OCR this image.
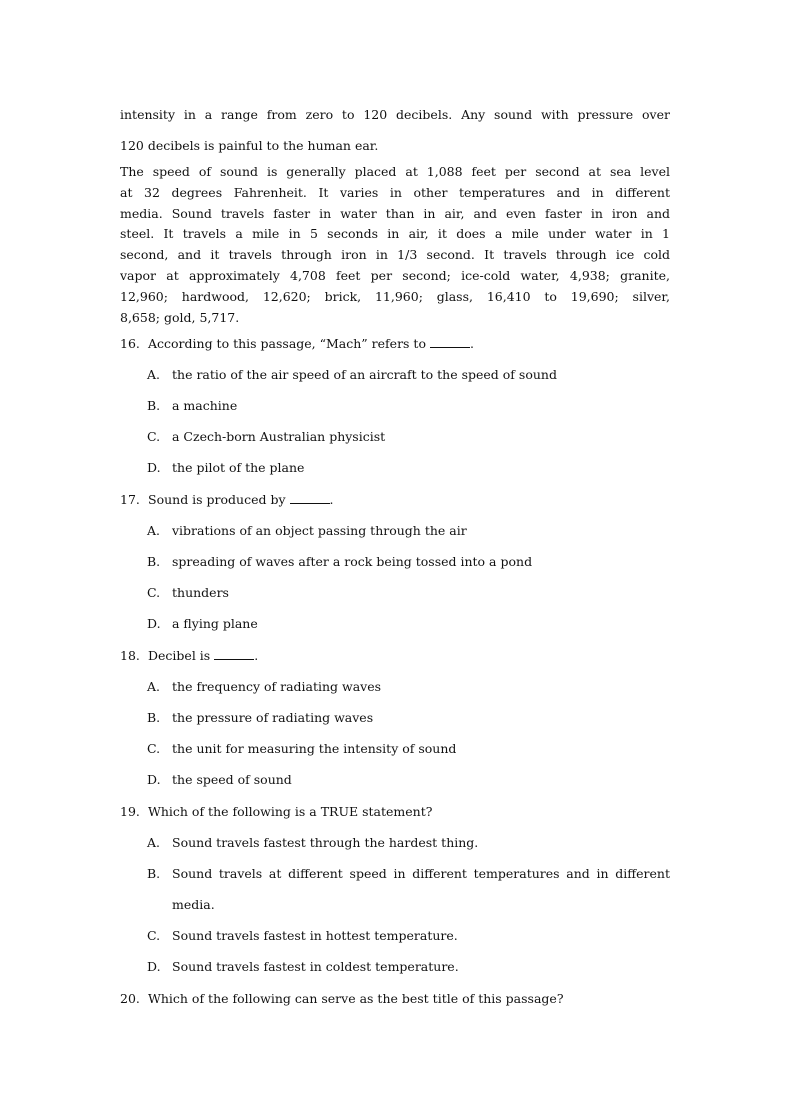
intensity in a range from zero to 120 decibels. Any sound with pressure over
120 decibels is painful to the human ear.
The speed of sound is generally placed at 1,088 feet per second at sea level
at 32 degrees Fahrenheit. It varies in other temperatures and in different
media. Sound travels faster in water than in air, and even faster in iron and
steel. It travels a mile in 5 seconds in air, it does a mile under water in 1
second, and it travels through iron in 1/3 second. It travels through ice cold
vapor at approximately 4,708 feet per second; ice-cold water, 4,938; granite,
12,960; hardwood, 12,620; brick, 11,960; glass, 16,410 to 19,690; silver,
8,658; gold, 5,717.
16. According to this passage, “Mach” refers to	.
A. the ratio of the air speed of an aircraft to the speed of sound
B. a machine
C. a Czech-born Australian physicist
D. the pilot of the plane
17. Sound is produced by	.
A. vibrations of an object passing through the air
B. spreading of waves after a rock being tossed into a pond
C. thunders
D. a flying plane
18. Decibel is	.
A. the frequency of radiating waves
B. the pressure of radiating waves
C. the unit for measuring the intensity of sound
D. the speed of sound
19. Which of the following is a TRUE statement?
A. Sound travels fastest through the hardest thing.
B. Sound travels at different speed in different temperatures and in different
media.
C. Sound travels fastest in hottest temperature.
D. Sound travels fastest in coldest temperature.
20. Which of the following can serve as the best title of this passage?
